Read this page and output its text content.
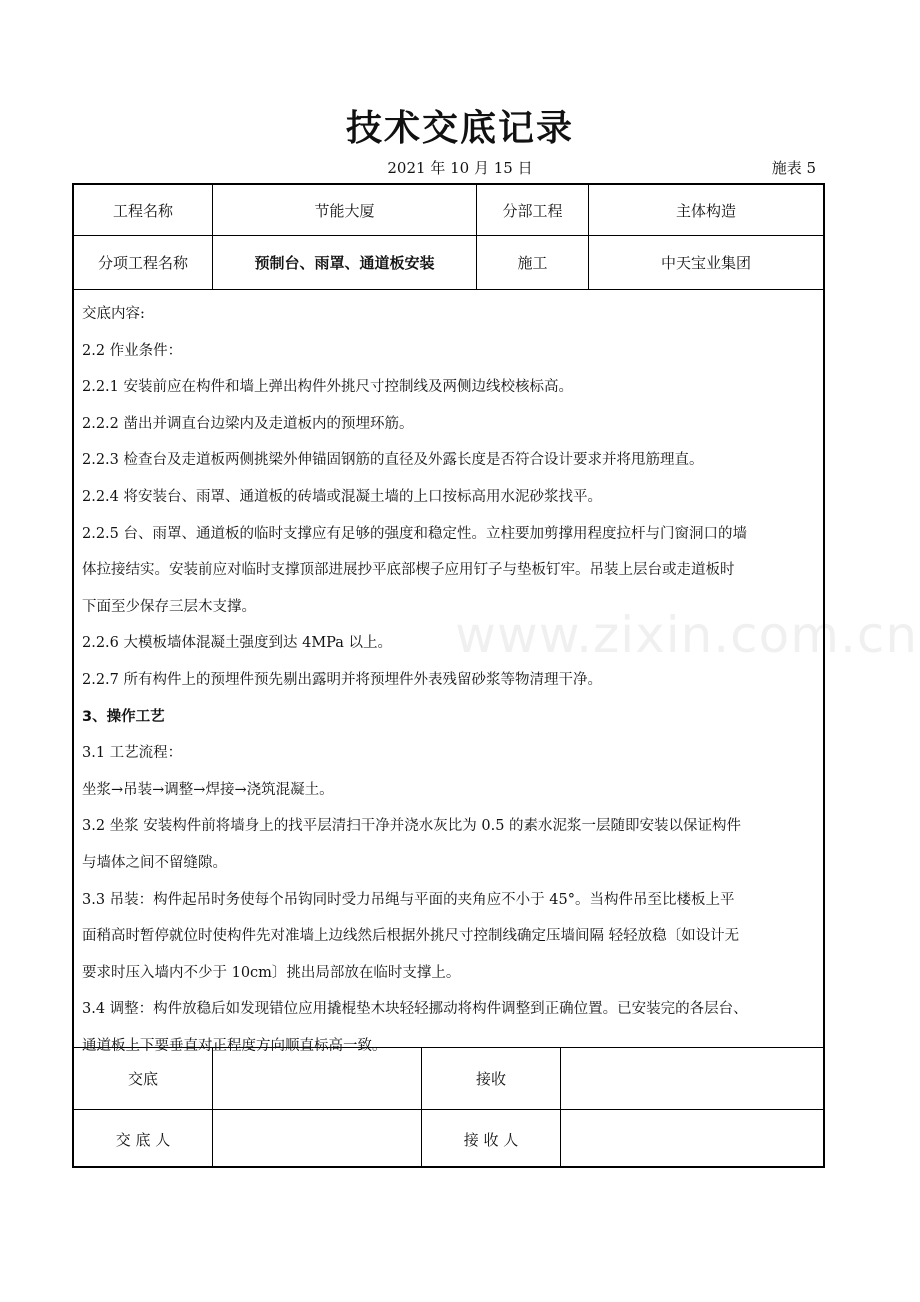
技术交底记录
2021 年 10 月 15 日	施表 5
工程名称	节能大厦	分部工程	主体构造
分项工程名称	预制台、雨罩、通道板安装	施工	中天宝业集团
交底内容:
2.2 作业条件：
2.2.1 安装前应在构件和墙上弹出构件外挑尺寸控制线及两侧边线校核标高。
2.2.2 凿出并调直台边梁内及走道板内的预埋环筋。
2.2.3 检查台及走道板两侧挑梁外伸锚固钢筋的直径及外露长度是否符合设计要求并将甩筋理直。
2.2.4 将安装台、雨罩、通道板的砖墙或混凝土墙的上口按标高用水泥砂浆找平。
2.2.5 台、雨罩、通道板的临时支撑应有足够的强度和稳定性。立柱要加剪撑用程度拉杆与门窗洞口的墙
体拉接结实。安装前应对临时支撑顶部进展抄平底部楔子应用钉子与垫板钉牢。吊装上层台或走道板时
下面至少保存三层木支撑。
2.2.6 大模板墙体混凝土强度到达 4MPa 以上。
2.2.7 所有构件上的预埋件预先剔出露明并将预埋件外表残留砂浆等物清理干净。
3、操作工艺
3.1 工艺流程：
坐浆→吊装→调整→焊接→浇筑混凝土。
3.2 坐浆 安装构件前将墙身上的找平层清扫干净并浇水灰比为 0.5 的素水泥浆一层随即安装以保证构件
与墙体之间不留缝隙。
3.3 吊装：构件起吊时务使每个吊钩同时受力吊绳与平面的夹角应不小于 45°。当构件吊至比楼板上平
面稍高时暂停就位时使构件先对准墙上边线然后根据外挑尺寸控制线确定压墙间隔 轻轻放稳〔如设计无
要求时压入墙内不少于 10cm〕挑出局部放在临时支撑上。
3.4 调整：构件放稳后如发现错位应用撬棍垫木块轻轻挪动将构件调整到正确位置。已安装完的各层台、
通道板上下要垂直对正程度方向顺直标高一致。
交底	接收
交 底 人	接 收 人
www.zixin.com.cn
